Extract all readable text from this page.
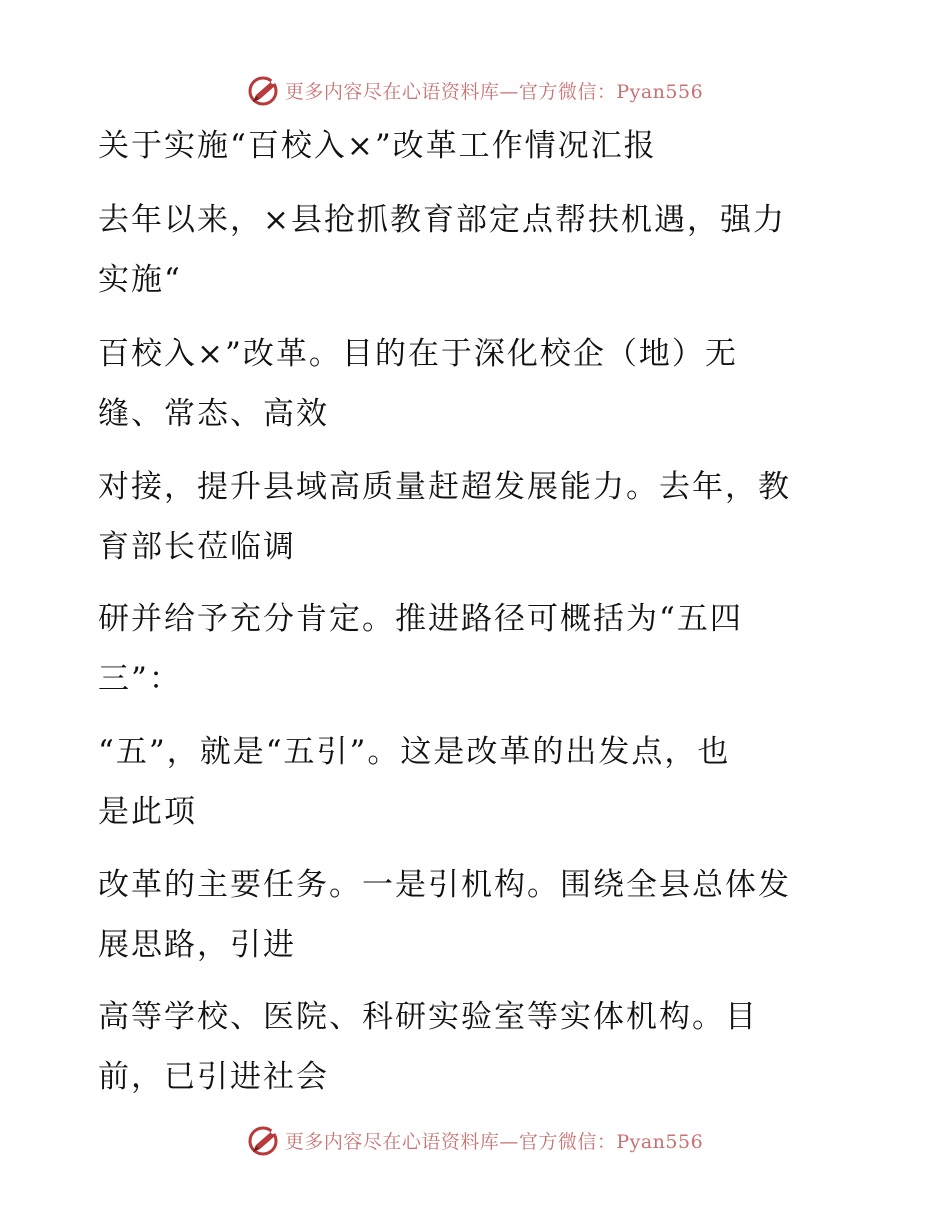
更多内容尽在心语资料库—官方微信：Pyan556
关于实施“百校入×”改革工作情况汇报
去年以来，×县抢抓教育部定点帮扶机遇，强力
实施“
百校入×”改革。目的在于深化校企（地）无
缝、常态、高效
对接，提升县域高质量赶超发展能力。去年，教
育部长莅临调
研并给予充分肯定。推进路径可概括为“五四
三”：
“五”，就是“五引”。这是改革的出发点，也
是此项
改革的主要任务。一是引机构。围绕全县总体发
展思路，引进
高等学校、医院、科研实验室等实体机构。目
前，已引进社会
更多内容尽在心语资料库—官方微信：Pyan556
